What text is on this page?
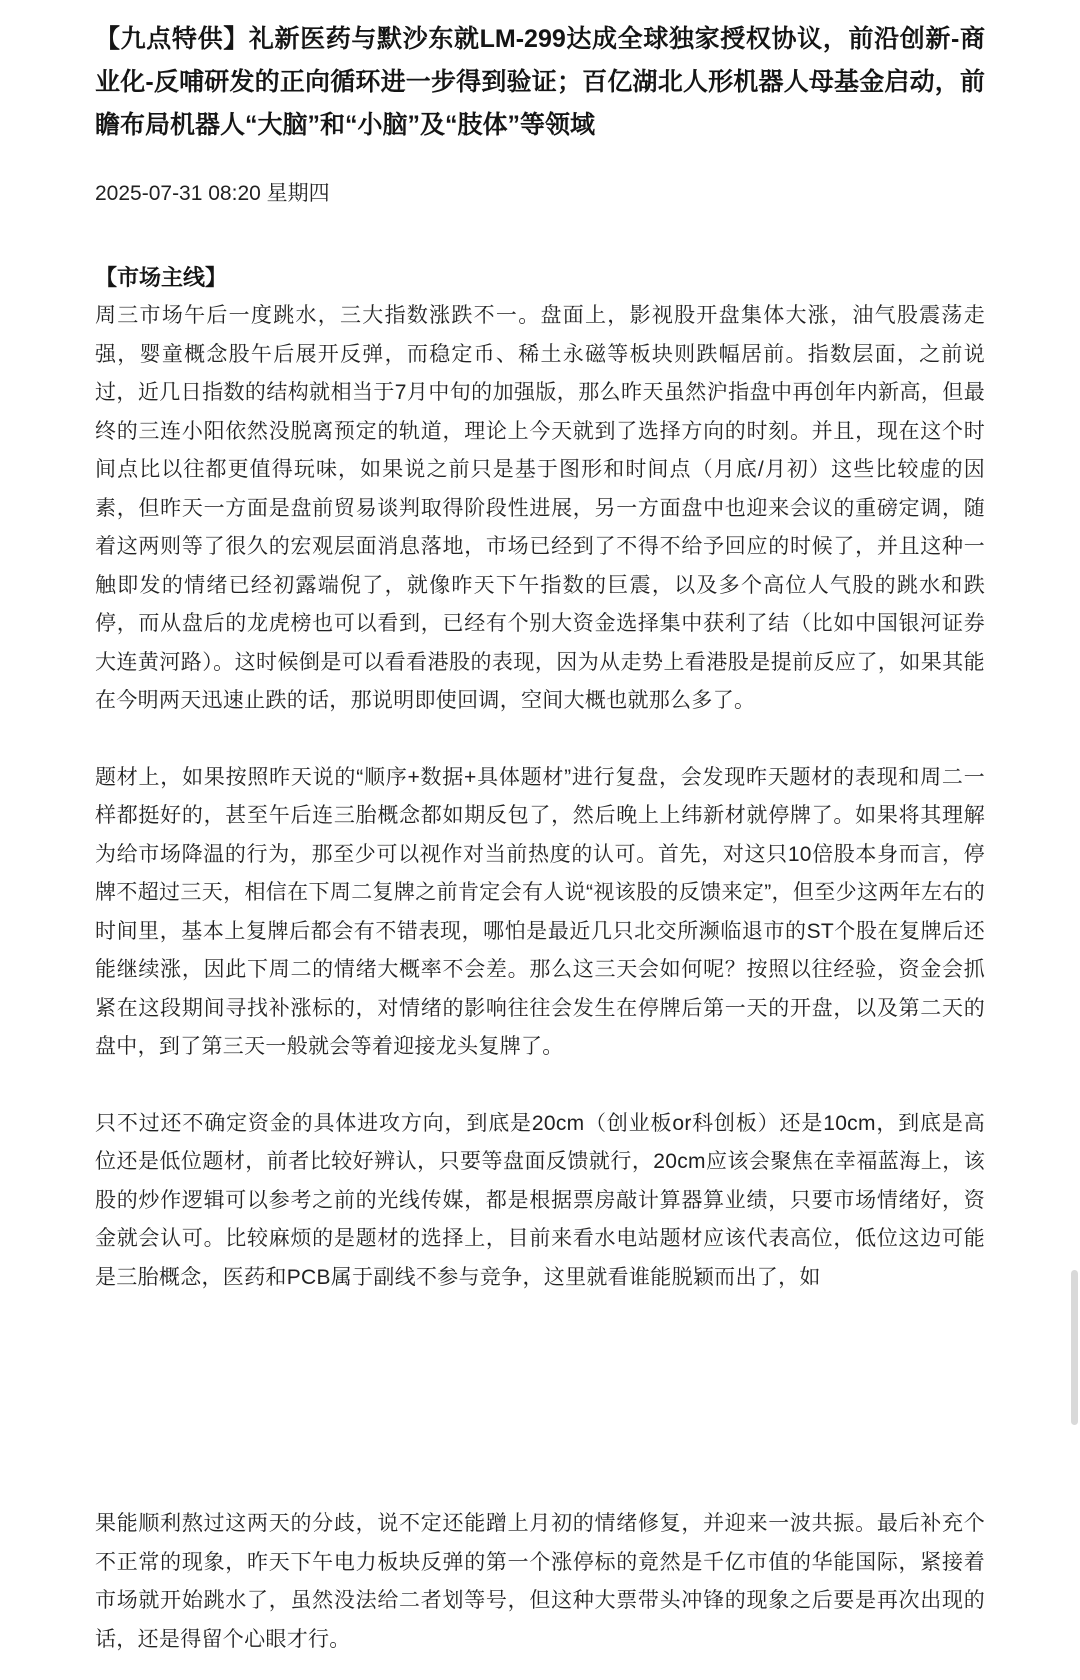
【九点特供】礼新医药与默沙东就LM-299达成全球独家授权协议，前沿创新-商业化-反哺研发的正向循环进一步得到验证；百亿湖北人形机器人母基金启动，前瞻布局机器人“大脑”和“小脑”及“肢体”等领域
2025-07-31 08:20 星期四
【市场主线】

周三市场午后一度跳水，三大指数涨跌不一。盘面上，影视股开盘集体大涨，油气股震荡走强，婴童概念股午后展开反弹，而稳定币、稀土永磁等板块则跌幅居前。指数层面，之前说过，近几日指数的结构就相当于7月中旬的加强版，那么昨天虽然沪指盘中再创年内新高，但最终的三连小阳依然没脱离预定的轨道，理论上今天就到了选择方向的时刻。并且，现在这个时间点比以往都更值得玩味，如果说之前只是基于图形和时间点（月底/月初）这些比较虚的因素，但昨天一方面是盘前贸易谈判取得阶段性进展，另一方面盘中也迎来会议的重磅定调，随着这两则等了很久的宏观层面消息落地，市场已经到了不得不给予回应的时候了，并且这种一触即发的情绪已经初露端倪了，就像昨天下午指数的巨震，以及多个高位人气股的跳水和跌停，而从盘后的龙虎榜也可以看到，已经有个别大资金选择集中获利了结（比如中国银河证券大连黄河路）。这时候倒是可以看看港股的表现，因为从走势上看港股是提前反应了，如果其能在今明两天迅速止跌的话，那说明即使回调，空间大概也就那么多了。

题材上，如果按照昨天说的“顺序+数据+具体题材”进行复盘，会发现昨天题材的表现和周二一样都挺好的，甚至午后连三胎概念都如期反包了，然后晚上上纬新材就停牌了。如果将其理解为给市场降温的行为，那至少可以视作对当前热度的认可。首先，对这只10倍股本身而言，停牌不超过三天，相信在下周二复牌之前肯定会有人说“视该股的反馈来定”，但至少这两年左右的时间里，基本上复牌后都会有不错表现，哪怕是最近几只北交所濒临退市的ST个股在复牌后还能继续涨，因此下周二的情绪大概率不会差。那么这三天会如何呢？按照以往经验，资金会抓紧在这段期间寻找补涨标的，对情绪的影响往往会发生在停牌后第一天的开盘，以及第二天的盘中，到了第三天一般就会等着迎接龙头复牌了。

只不过还不确定资金的具体进攻方向，到底是20cm（创业板or科创板）还是10cm，到底是高位还是低位题材，前者比较好辨认，只要等盘面反馈就行，20cm应该会聚焦在幸福蓝海上，该股的炒作逻辑可以参考之前的光线传媒，都是根据票房敲计算器算业绩，只要市场情绪好，资金就会认可。比较麻烦的是题材的选择上，目前来看水电站题材应该代表高位，低位这边可能是三胎概念，医药和PCB属于副线不参与竞争，这里就看谁能脱颖而出了，如

果能顺利熬过这两天的分歧，说不定还能蹭上月初的情绪修复，并迎来一波共振。最后补充个不正常的现象，昨天下午电力板块反弹的第一个涨停标的竟然是千亿市值的华能国际，紧接着市场就开始跳水了，虽然没法给二者划等号，但这种大票带头冲锋的现象之后要是再次出现的话，还是得留个心眼才行。
